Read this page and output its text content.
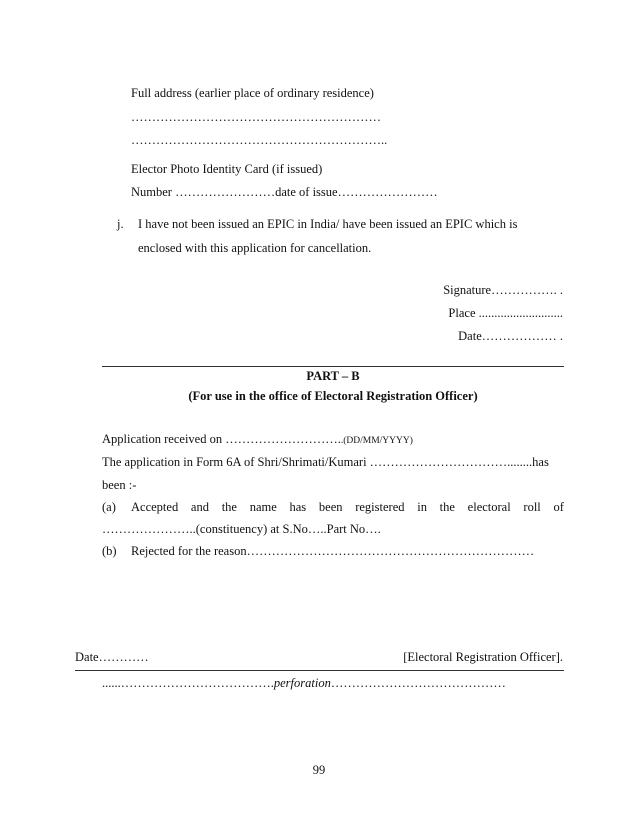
Full address (earlier place of ordinary residence)
……………………………………………………
……………………………………………………..
Elector Photo Identity Card (if issued)
Number ……………………date of issue……………………
j. I have not been issued an EPIC in India/ have been issued an EPIC which is
enclosed with this application for cancellation.
Signature……………. .
Place ...........................
Date……………… .
PART – B
(For use in the office of Electoral Registration Officer)
Application received on ………………………..(DD/MM/YYYY)
The application in Form 6A of Shri/Shrimati/Kumari ……………………………........has
been :-
(a) Accepted and the name has been registered in the electoral roll of
…………………..(constituency) at S.No…..Part No….
(b) Rejected for the reason……………………………………………………………
Date…………	[Electoral Registration Officer].
......……………………………….perforation……………………………………
99
